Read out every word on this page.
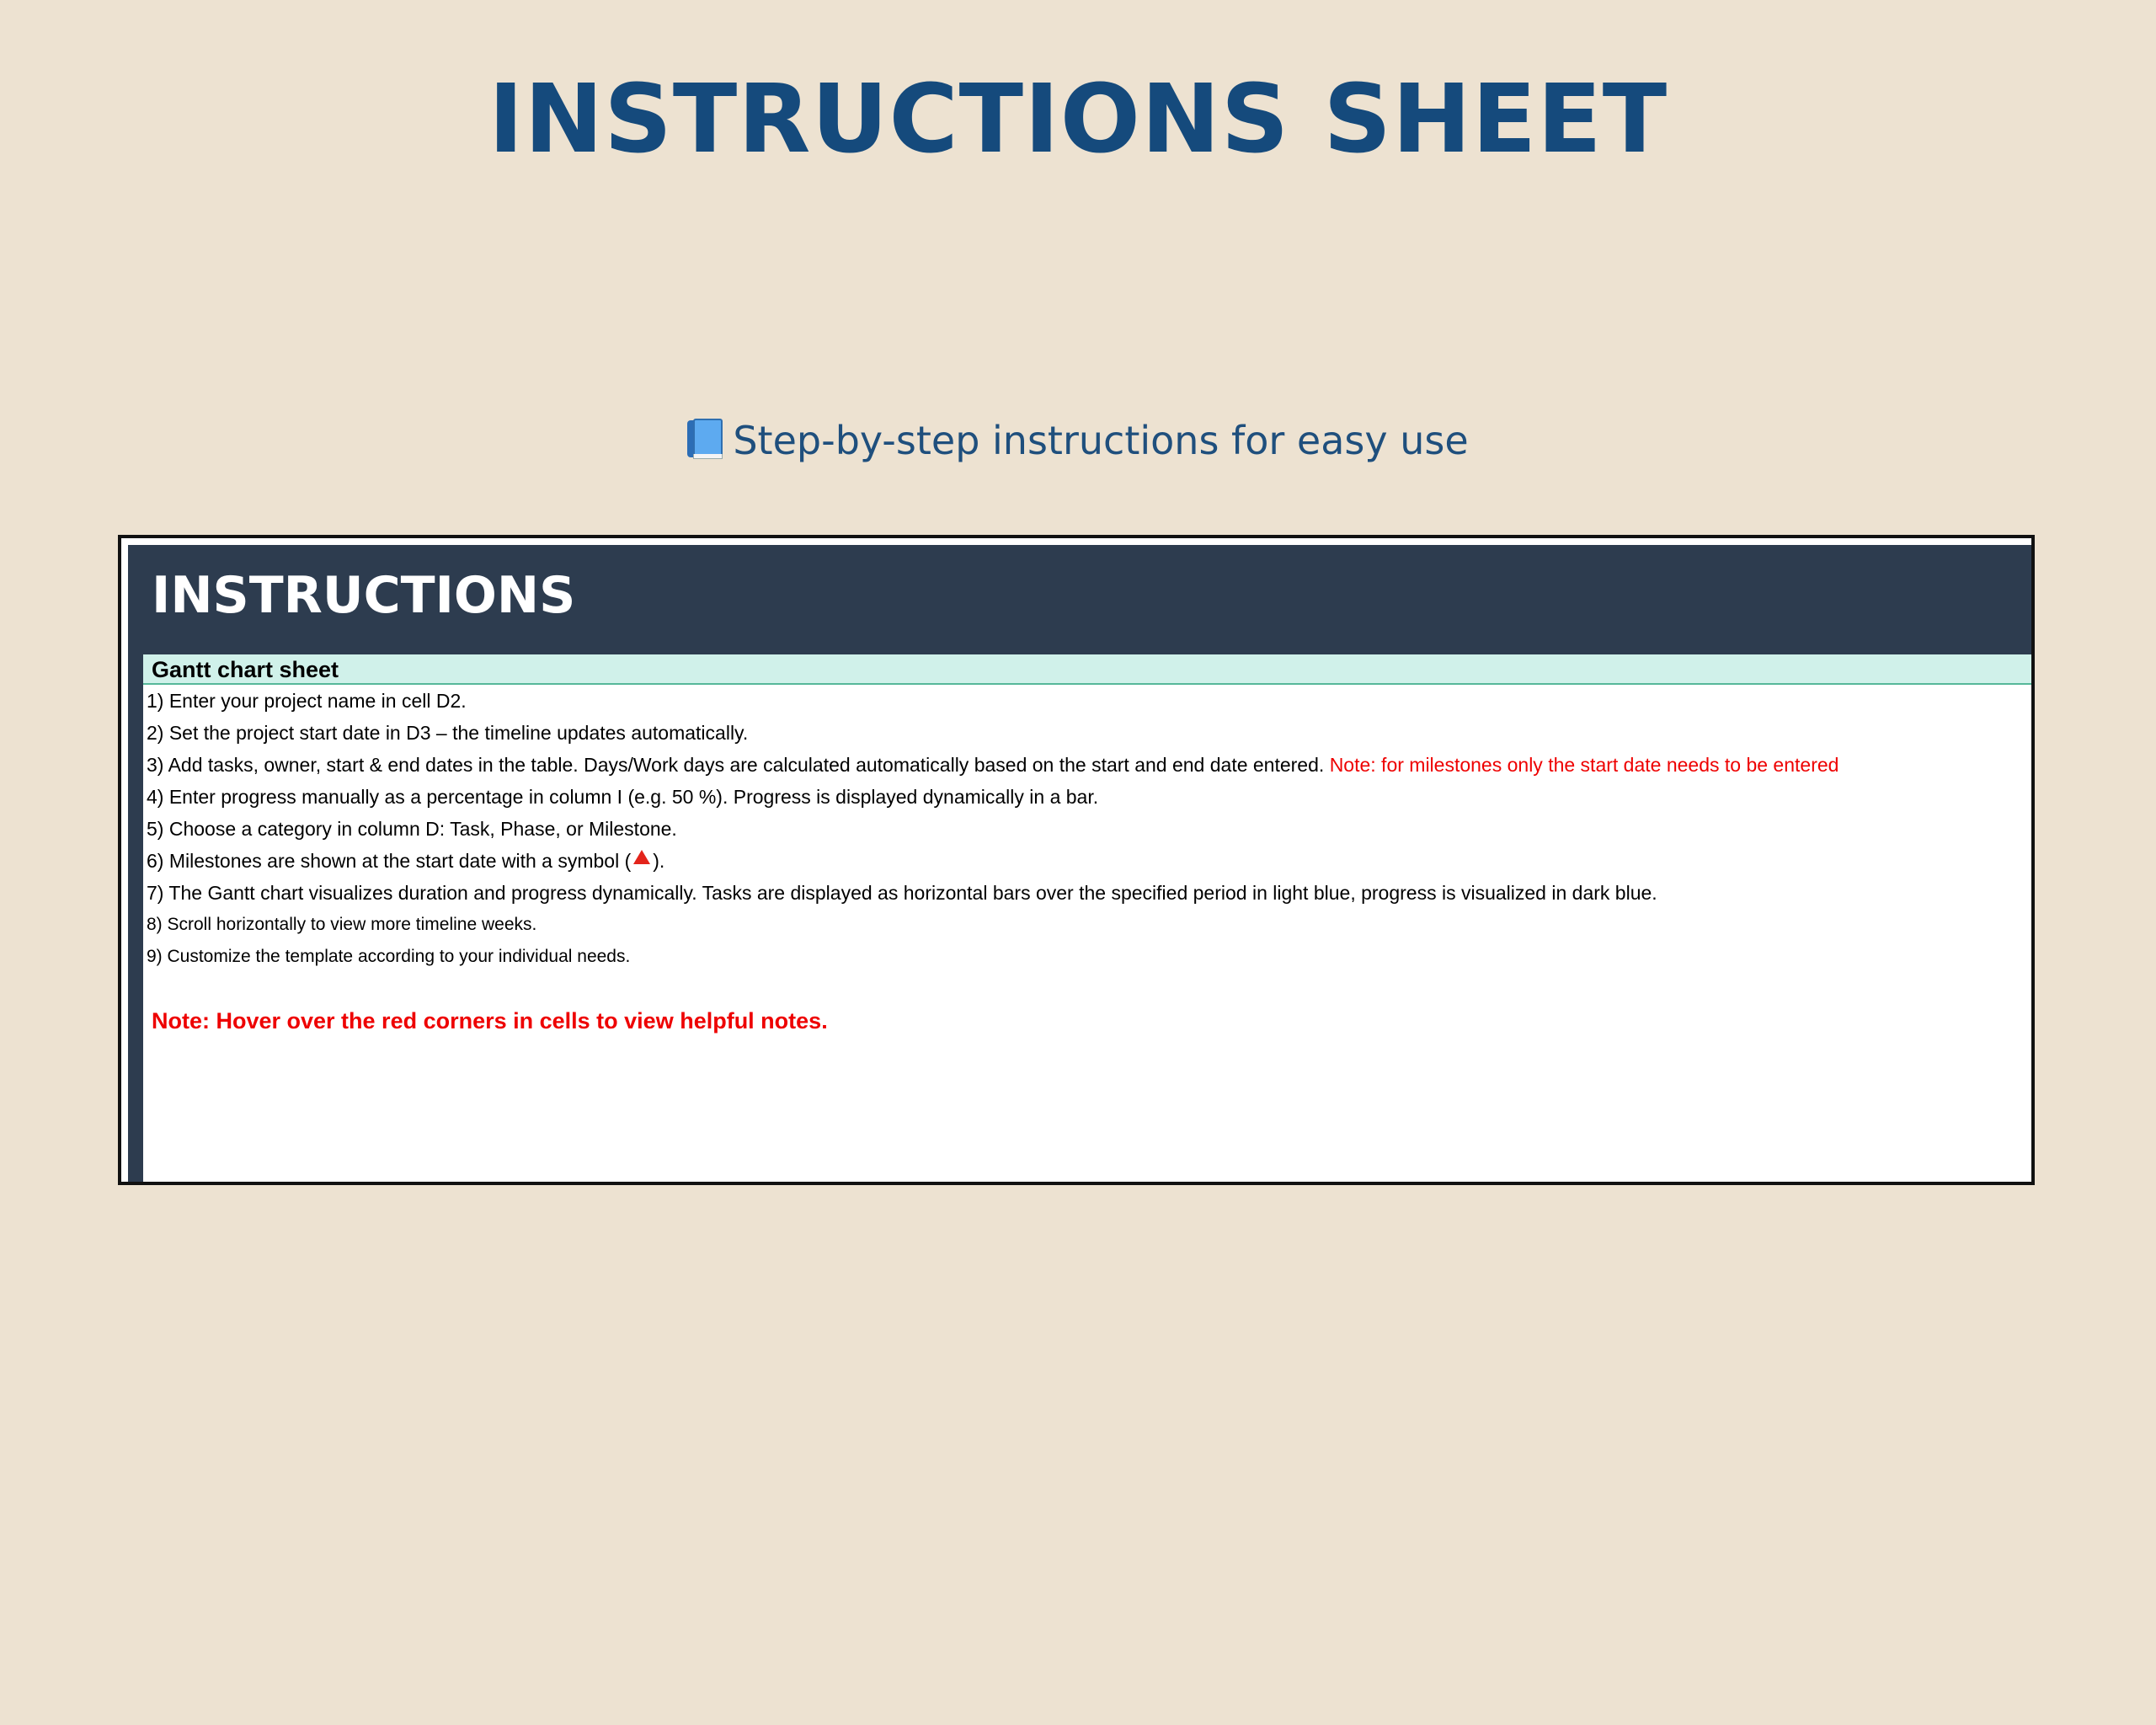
INSTRUCTIONS SHEET
Step-by-step instructions for easy use
INSTRUCTIONS
Gantt chart sheet
1) Enter your project name in cell D2.
2) Set the project start date in D3 – the timeline updates automatically.
3) Add tasks, owner, start & end dates in the table. Days/Work days are calculated automatically based on the start and end date entered. Note: for milestones only the start date needs to be entered
4) Enter progress manually as a percentage in column I (e.g. 50 %). Progress is displayed dynamically in a bar.
5) Choose a category in column D: Task, Phase, or Milestone.
6) Milestones are shown at the start date with a symbol ( ).
7) The Gantt chart visualizes duration and progress dynamically. Tasks are displayed as horizontal bars over the specified period in light blue, progress is visualized in dark blue.
8) Scroll horizontally to view more timeline weeks.
9) Customize the template according to your individual needs.
Note: Hover over the red corners in cells to view helpful notes.
